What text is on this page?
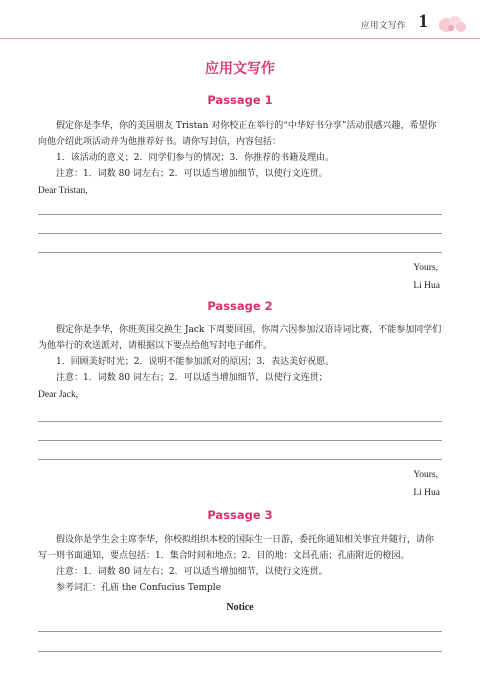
应用文写作 1
应用文写作
Passage 1

假定你是李华，你的美国朋友 Tristan 对你校正在举行的“中华好书分享”活动很感兴趣，希望你向他介绍此项活动并为他推荐好书。请你写封信，内容包括：

1．该活动的意义；2．同学们参与的情况；3．你推荐的书籍及理由。

注意：1．词数 80 词左右；2．可以适当增加细节，以使行文连贯。

Dear Tristan,

Yours,
Li Hua
Passage 2

假定你是李华，你班英国交换生 Jack 下周要回国，你周六因参加汉语诗词比赛，不能参加同学们为他举行的欢送派对，请根据以下要点给他写封电子邮件。

1．回顾美好时光；2．说明不能参加派对的原因；3．表达美好祝愿。

注意：1．词数 80 词左右；2．可以适当增加细节，以使行文连贯；

Dear Jack,

Yours,
Li Hua
Passage 3

假设你是学生会主席李华，你校拟组织本校的国际生一日游，委托你通知相关事宜并随行，请你写一则书面通知，要点包括：1．集合时间和地点；2．目的地：文昌孔庙；孔庙附近的橙园。

注意：1．词数 80 词左右；2．可以适当增加细节，以使行文连贯。

参考词汇：孔庙 the Confucius Temple

Notice
